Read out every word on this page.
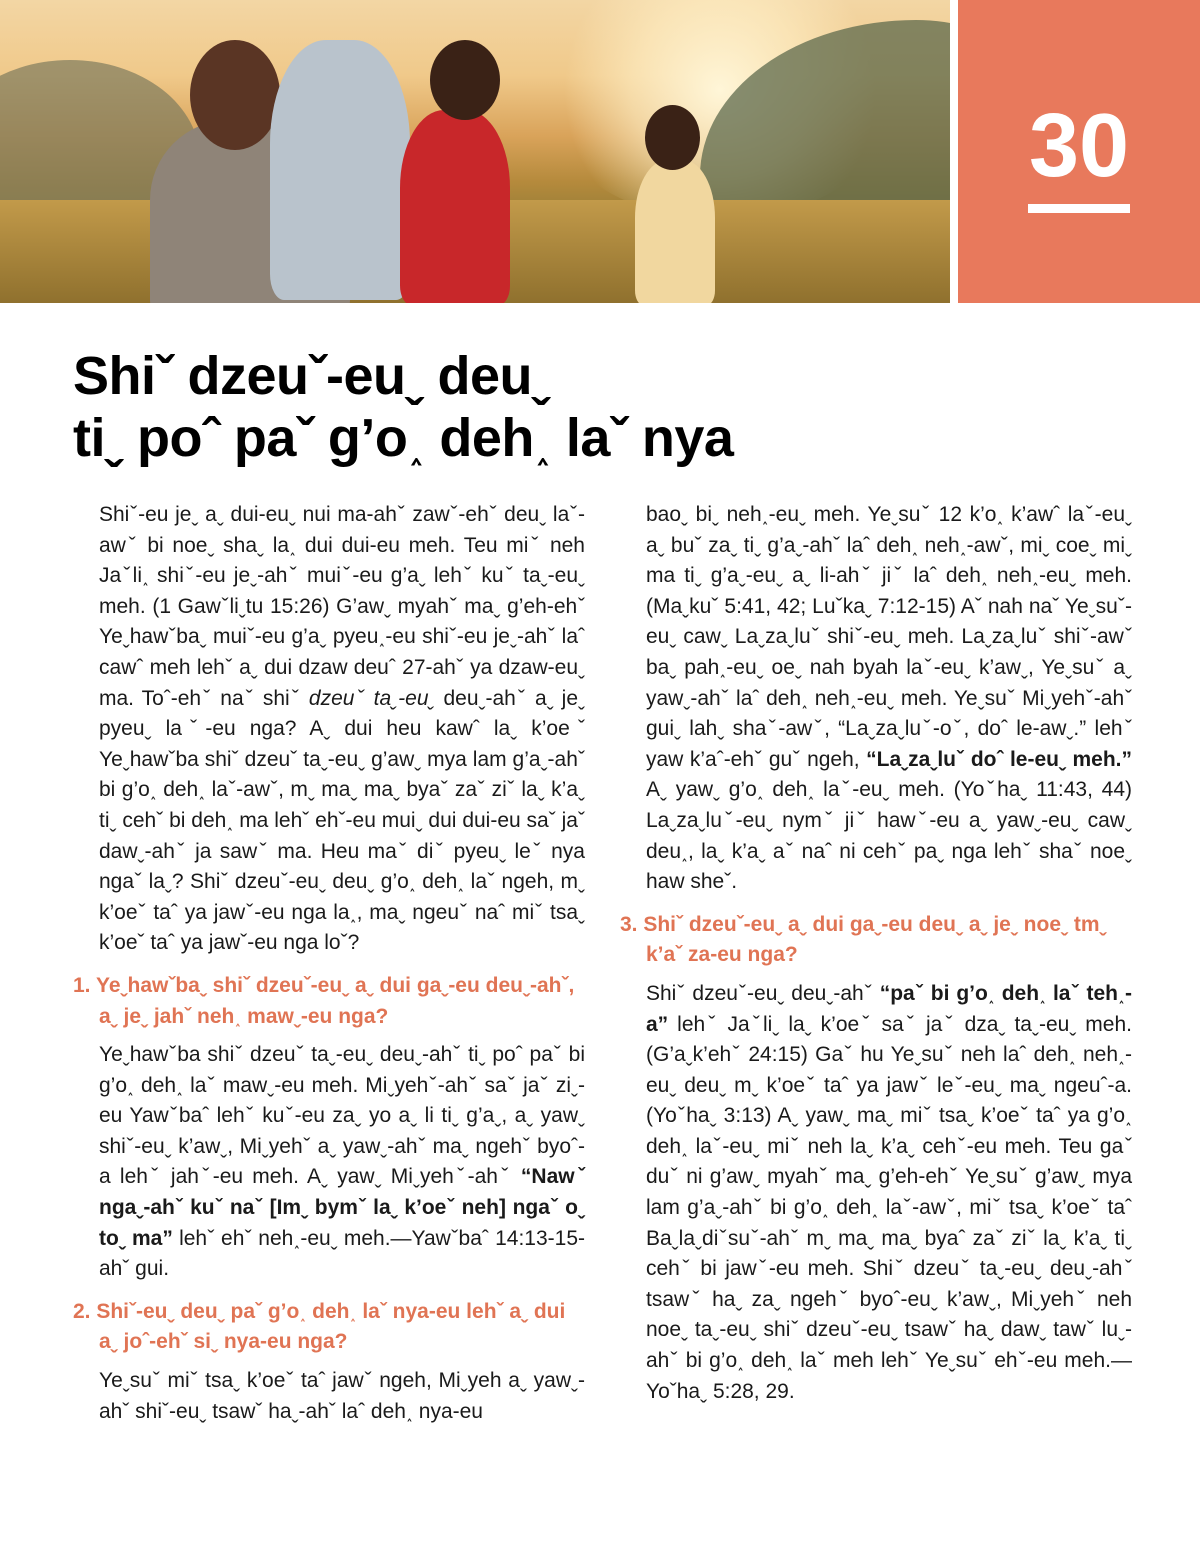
30
Shiˇ dzeuˇ-euˬ deuˬ
tiˬ poˆ paˇ g’o˰ deh˰ laˇ nya

Shiˇ-eu jeˬ aˬ dui-euˬ nui ma-ahˇ zawˇ-ehˇ deuˬ laˇ-awˇ bi noeˬ shaˬ la˰ dui dui-eu meh. Teu miˇ neh Jaˇli˰ shiˇ-eu jeˬ-ahˇ muiˇ-eu g’aˬ lehˇ kuˇ taˬ-euˬ meh. (1 Gawˇliˬtu 15:26) G’awˬ myahˇ maˬ g’eh-ehˇ Yeˬhawˇbaˬ muiˇ-eu g’aˬ pyeu˰-eu shiˇ-eu jeˬ-ahˇ laˆ cawˆ meh lehˇ aˬ dui dzaw deuˆ 27-ahˇ ya dzaw-euˬ ma. Toˆ-ehˇ naˇ shiˇ dzeuˇ taˬ-euˬ deuˬ-ahˇ aˬ jeˬ pyeuˬ laˇ-eu nga? Aˬ dui heu kawˆ laˬ k’oeˇ Yeˬhawˇba shiˇ dzeuˇ taˬ-euˬ g’awˬ mya lam g’aˬ-ahˇ bi g’o˰ deh˰ laˇ-awˇ, mˬ maˬ maˬ byaˇ zaˇ ziˇ laˬ k’aˬ tiˬ cehˇ bi deh˰ ma lehˇ ehˇ-eu muiˬ dui dui-eu saˇ jaˇ dawˬ-ahˇ ja sawˇ ma. Heu maˇ diˇ pyeuˬ leˇ nya ngaˇ laˬ? Shiˇ dzeuˇ-euˬ deuˬ g’o˰ deh˰ laˇ ngeh, mˬ k’oeˇ taˆ ya jawˇ-eu nga la˰, maˬ ngeuˇ naˆ miˇ tsaˬ k’oeˇ taˆ ya jawˇ-eu nga loˇ?

1. Yeˬhawˇbaˬ shiˇ dzeuˇ-euˬ aˬ dui gaˬ-eu deuˬ-ahˇ, aˬ jeˬ jahˇ neh˰ mawˬ-eu nga?

Yeˬhawˇba shiˇ dzeuˇ taˬ-euˬ deuˬ-ahˇ tiˬ poˆ paˇ bi g’o˰ deh˰ laˇ mawˬ-eu meh. Miˬyehˇ-ahˇ saˇ jaˇ ziˬ-eu Yawˇbaˆ lehˇ kuˇ-eu zaˬ yo aˬ li tiˬ g’aˬ, aˬ yawˬ shiˇ-euˬ k’awˬ, Miˬyehˇ aˬ yawˬ-ahˇ maˬ ngehˇ byoˆ-a lehˇ jahˇ-eu meh. Aˬ yawˬ Miˬyehˇ-ahˇ “Nawˇ ngaˬ-ahˇ kuˇ naˇ [Imˬ bymˇ laˬ k’oeˇ neh] ngaˇ oˬ toˬ ma” lehˇ ehˇ neh˰-euˬ meh.—Yawˇbaˆ 14:13-15-ahˇ gui.

2. Shiˇ-euˬ deuˬ paˇ g’o˰ deh˰ laˇ nya-eu lehˇ aˬ dui aˬ joˆ-ehˇ siˬ nya-eu nga?

Yeˬsuˇ miˇ tsaˬ k’oeˇ taˆ jawˇ ngeh, Miˬyeh aˬ yawˬ-ahˇ shiˇ-euˬ tsawˇ haˬ-ahˇ laˆ deh˰ nya-eu

baoˬ biˬ neh˰-euˬ meh. Yeˬsuˇ 12 k’o˰ k’awˆ laˇ-euˬ aˬ buˇ zaˬ tiˬ g’aˬ-ahˇ laˆ deh˰ neh˰-awˇ, miˬ coeˬ miˬ ma tiˬ g’aˬ-euˬ aˬ li-ahˇ jiˇ laˆ deh˰ neh˰-euˬ meh. (Maˬkuˇ 5:41, 42; Luˇkaˬ 7:12-15) Aˇ nah naˇ Yeˬsuˇ-euˬ cawˬ Laˬzaˬluˇ shiˇ-euˬ meh. Laˬzaˬluˇ shiˇ-awˇ baˬ pah˰-euˬ oeˬ nah byah laˇ-euˬ k’awˬ, Yeˬsuˇ aˬ yawˬ-ahˇ laˆ deh˰ neh˰-euˬ meh. Yeˬsuˇ Miˬyehˇ-ahˇ guiˬ lahˬ shaˇ-awˇ, “Laˬzaˬluˇ-oˇ, doˆ le-awˬ.” lehˇ yaw k’aˆ-ehˇ guˇ ngeh, “Laˬzaˬluˇ doˆ le-euˬ meh.” Aˬ yawˬ g’o˰ deh˰ laˇ-euˬ meh. (Yoˇhaˬ 11:43, 44) Laˬzaˬluˇ-euˬ nymˇ jiˇ hawˇ-eu aˬ yawˬ-euˬ cawˬ deu˰, laˬ k’aˬ aˇ naˆ ni cehˇ paˬ nga lehˇ shaˇ noeˬ haw sheˇ.

3. Shiˇ dzeuˇ-euˬ aˬ dui gaˬ-eu deuˬ aˬ jeˬ noeˬ tmˬ k’aˇ za-eu nga?

Shiˇ dzeuˇ-euˬ deuˬ-ahˇ “paˇ bi g’o˰ deh˰ laˇ teh˰-a” lehˇ Jaˇliˬ laˬ k’oeˇ saˇ jaˇ dzaˬ taˬ-euˬ meh. (G’aˬk’ehˇ 24:15) Gaˇ hu Yeˬsuˇ neh laˆ deh˰ neh˰-euˬ deuˬ mˬ k’oeˇ taˆ ya jawˇ leˇ-euˬ maˬ ngeuˆ-a. (Yoˇhaˬ 3:13) Aˬ yawˬ maˬ miˇ tsaˬ k’oeˇ taˆ ya g’o˰ deh˰ laˇ-euˬ miˇ neh laˬ k’aˬ cehˇ-eu meh. Teu gaˇ duˇ ni g’awˬ myahˇ maˬ g’eh-ehˇ Yeˬsuˇ g’awˬ mya lam g’aˬ-ahˇ bi g’o˰ deh˰ laˇ-awˇ, miˇ tsaˬ k’oeˇ taˆ Baˬlaˬdiˇsuˇ-ahˇ mˬ maˬ maˬ byaˆ zaˇ ziˇ laˬ k’aˬ tiˬ cehˇ bi jawˇ-eu meh. Shiˇ dzeuˇ taˬ-euˬ deuˬ-ahˇ tsawˇ haˬ zaˬ ngehˇ byoˆ-euˬ k’awˬ, Miˬyehˇ neh noeˬ taˬ-euˬ shiˇ dzeuˇ-euˬ tsawˇ haˬ dawˬ tawˇ luˬ-ahˇ bi g’o˰ deh˰ laˇ meh lehˇ Yeˬsuˇ ehˇ-eu meh.—Yoˇhaˬ 5:28, 29.
